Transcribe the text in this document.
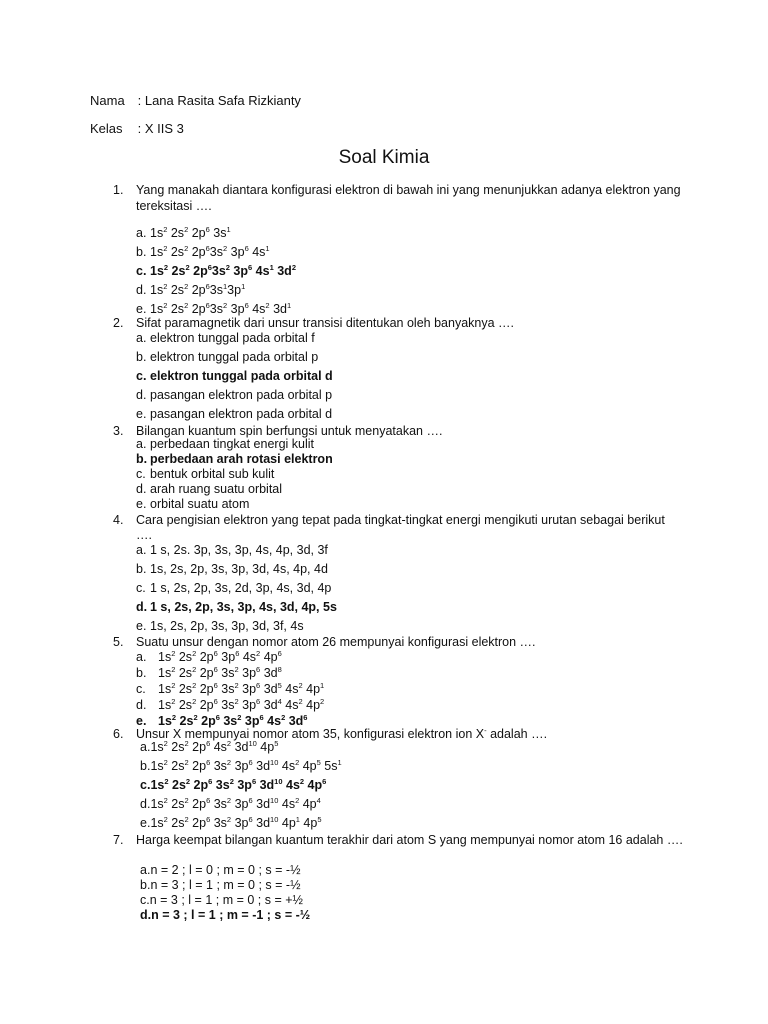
Nama : Lana Rasita Safa Rizkianty
Kelas : X IIS 3
Soal Kimia
1. Yang manakah diantara konfigurasi elektron di bawah ini yang menunjukkan adanya elektron yang tereksitasi ….
a. $1s^2$ $2s^2$ $2p^6$ $3s^1$
b. $1s^2$ $2s^2$ $2p^63s^2$ $3p^6$ $4s^1$
c. $1s^2$ $2s^2$ $2p^63s^2$ $3p^6$ $4s^1$ $3d^2$
d. $1s^2$ $2s^2$ $2p^63s^13p^1$
e. $1s^2$ $2s^2$ $2p^63s^2$ $3p^6$ $4s^2$ $3d^1$
2. Sifat paramagnetik dari unsur transisi ditentukan oleh banyaknya ….
a. elektron tunggal pada orbital f
b. elektron tunggal pada orbital p
c. elektron tunggal pada orbital d
d. pasangan elektron pada orbital p
e. pasangan elektron pada orbital d
3. Bilangan kuantum spin berfungsi untuk menyatakan ….
a. perbedaan tingkat energi kulit
b. perbedaan arah rotasi elektron
c. bentuk orbital sub kulit
d. arah ruang suatu orbital
e. orbital suatu atom
4. Cara pengisian elektron yang tepat pada tingkat-tingkat energi mengikuti urutan sebagai berikut ….
a. 1 s, 2s. 3p, 3s, 3p, 4s, 4p, 3d, 3f
b. 1s, 2s, 2p, 3s, 3p, 3d, 4s, 4p, 4d
c. 1 s, 2s, 2p, 3s, 2d, 3p, 4s, 3d, 4p
d. 1 s, 2s, 2p, 3s, 3p, 4s, 3d, 4p, 5s
e. 1s, 2s, 2p, 3s, 3p, 3d, 3f, 4s
5. Suatu unsur dengan nomor atom 26 mempunyai konfigurasi elektron ….
a. $1s^2$ $2s^2$ $2p^6$ $3p^6$ $4s^2$ $4p^6$
b. $1s^2$ $2s^2$ $2p^6$ $3s^2$ $3p^6$ $3d^8$
c. $1s^2$ $2s^2$ $2p^6$ $3s^2$ $3p^6$ $3d^5$ $4s^2$ $4p^1$
d. $1s^2$ $2s^2$ $2p^6$ $3s^2$ $3p^6$ $3d^4$ $4s^2$ $4p^2$
e. $1s^2$ $2s^2$ $2p^6$ $3s^2$ $3p^6$ $4s^2$ $3d^6$
6. Unsur X mempunyai nomor atom 35, konfigurasi elektron ion X- adalah ….
$a.1s^2$ $2s^2$ $2p^6$ $4s^2$ $3d^{10}$ $4p^5$
$b.1s^2$ $2s^2$ $2p^6$ $3s^2$ $3p^6$ $3d^{10}$ $4s^2$ $4p^5$ $5s^1$
$c.1s^2$ $2s^2$ $2p^6$ $3s^2$ $3p^6$ $3d^{10}$ $4s^2$ $4p^6$
$d.1s^2$ $2s^2$ $2p^6$ $3s^2$ $3p^6$ $3d^{10}$ $4s^2$ $4p^4$
$e.1s^2$ $2s^2$ $2p^6$ $3s^2$ $3p^6$ $3d^{10}$ $4p^1$ $4p^5$
7. Harga keempat bilangan kuantum terakhir dari atom S yang mempunyai nomor atom 16 adalah ….
a.n = 2 ; l = 0 ; m = 0 ; s = -½
b.n = 3 ; l = 1 ; m = 0 ; s = -½
c.n = 3 ; l = 1 ; m = 0 ; s = +½
d.n = 3 ; l = 1 ; m = -1 ; s = -½
